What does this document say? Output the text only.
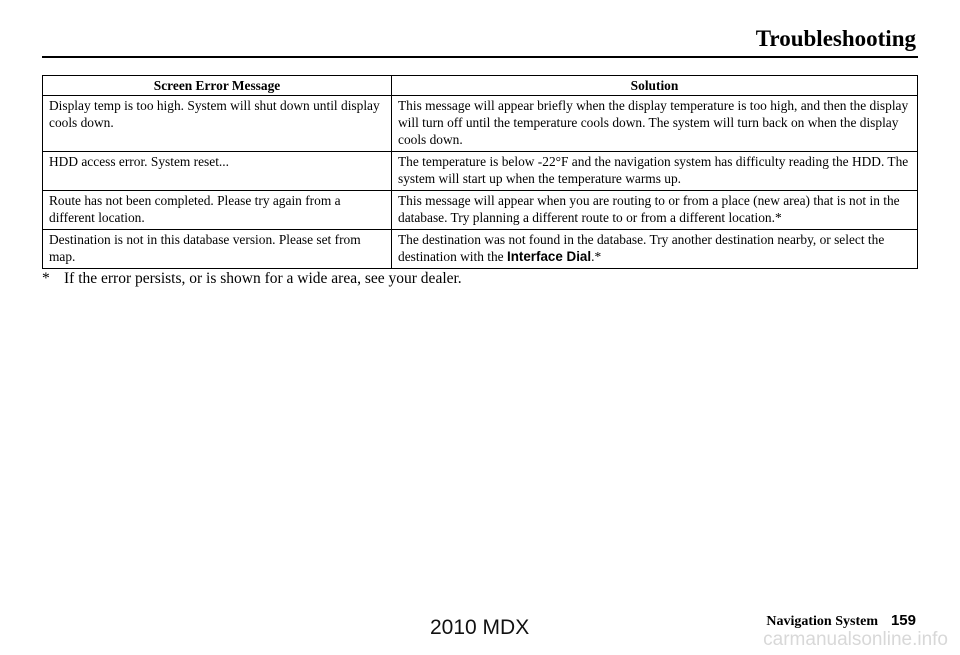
Troubleshooting
Screen Error Message	Solution
Display temp is too high. System will shut down until display cools down.	This message will appear briefly when the display temperature is too high, and then the display will turn off until the temperature cools down. The system will turn back on when the display cools down.
HDD access error. System reset...	The temperature is below -22°F and the navigation system has difficulty reading the HDD. The system will start up when the temperature warms up.
Route has not been completed. Please try again from a different location.	This message will appear when you are routing to or from a place (new area) that is not in the database. Try planning a different route to or from a different location.*
Destination is not in this database version. Please set from map.	The destination was not found in the database. Try another destination nearby, or select the destination with the Interface Dial.*
* If the error persists, or is shown for a wide area, see your dealer.
2010 MDX	Navigation System 159
carmanualsonline.info
